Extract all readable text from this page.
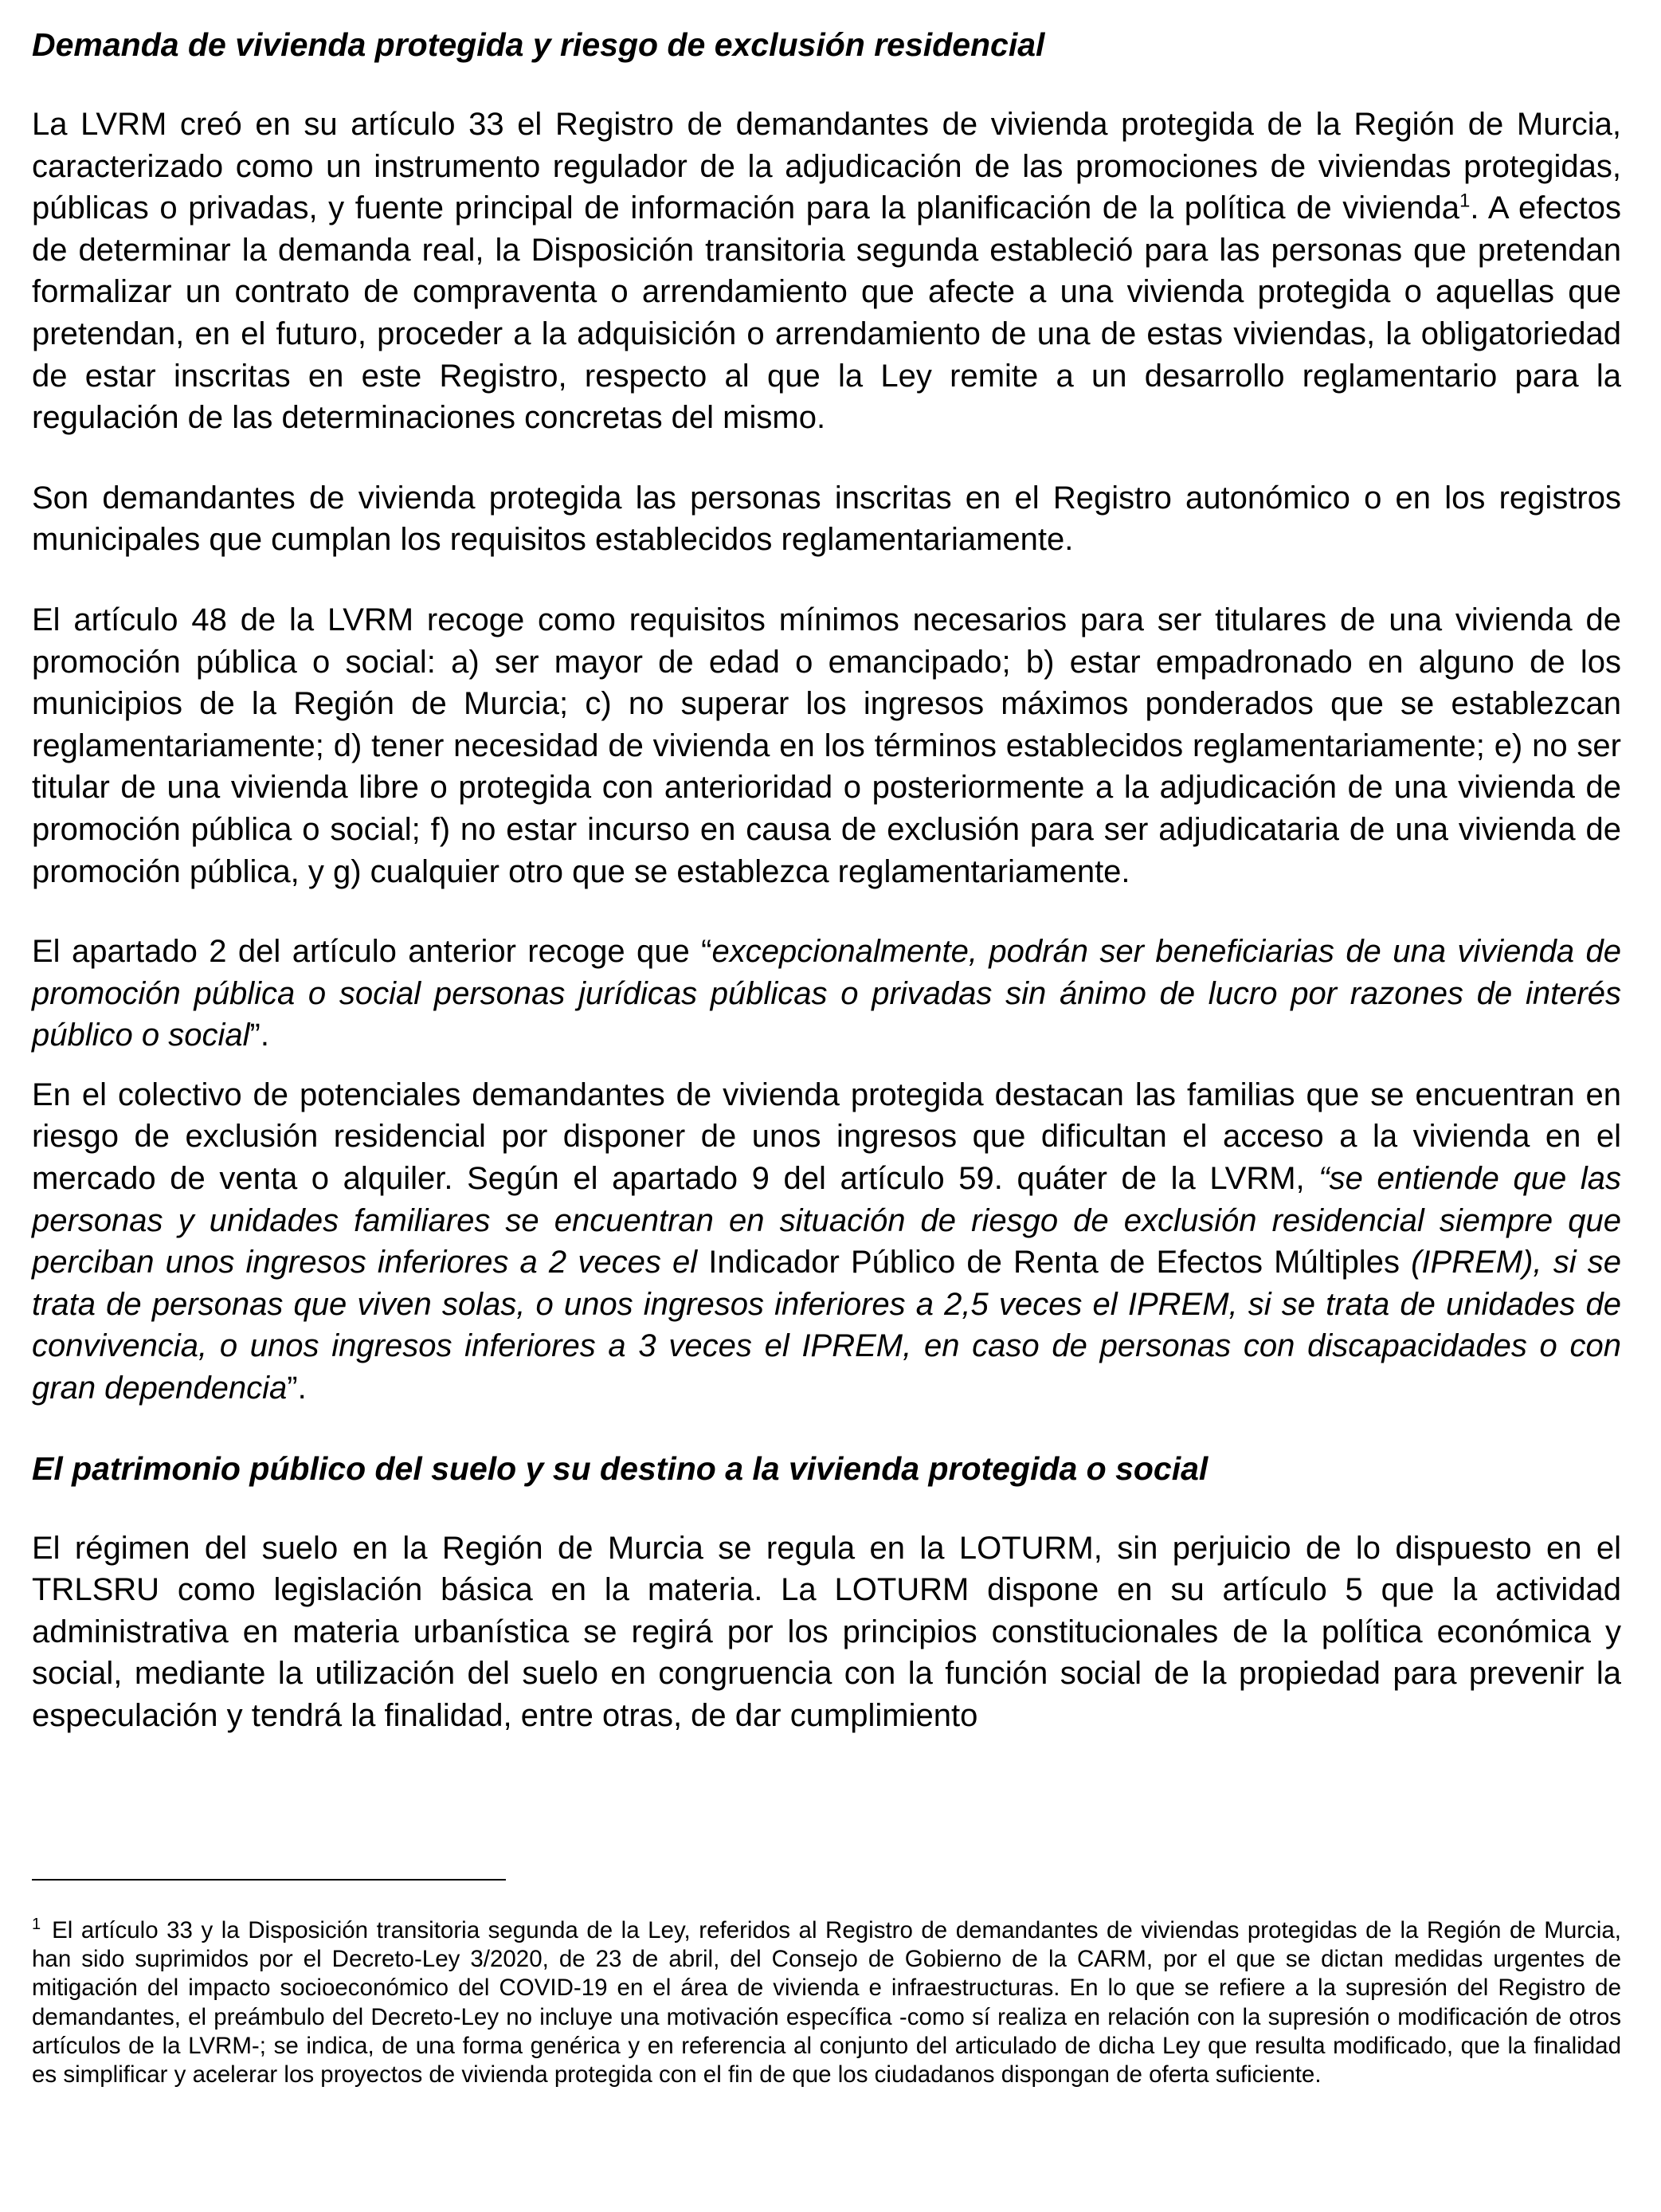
Demanda de vivienda protegida y riesgo de exclusión residencial

La LVRM creó en su artículo 33 el Registro de demandantes de vivienda protegida de la Región de Murcia, caracterizado como un instrumento regulador de la adjudicación de las promociones de viviendas protegidas, públicas o privadas, y fuente principal de información para la planificación de la política de vivienda$^1$. A efectos de determinar la demanda real, la Disposición transitoria segunda estableció para las personas que pretendan formalizar un contrato de compraventa o arrendamiento que afecte a una vivienda protegida o aquellas que pretendan, en el futuro, proceder a la adquisición o arrendamiento de una de estas viviendas, la obligatoriedad de estar inscritas en este Registro, respecto al que la Ley remite a un desarrollo reglamentario para la regulación de las determinaciones concretas del mismo.

Son demandantes de vivienda protegida las personas inscritas en el Registro autonómico o en los registros municipales que cumplan los requisitos establecidos reglamentariamente.

El artículo 48 de la LVRM recoge como requisitos mínimos necesarios para ser titulares de una vivienda de promoción pública o social: a) ser mayor de edad o emancipado; b) estar empadronado en alguno de los municipios de la Región de Murcia; c) no superar los ingresos máximos ponderados que se establezcan reglamentariamente; d) tener necesidad de vivienda en los términos establecidos reglamentariamente; e) no ser titular de una vivienda libre o protegida con anterioridad o posteriormente a la adjudicación de una vivienda de promoción pública o social; f) no estar incurso en causa de exclusión para ser adjudicataria de una vivienda de promoción pública, y g) cualquier otro que se establezca reglamentariamente.

El apartado 2 del artículo anterior recoge que “excepcionalmente, podrán ser beneficiarias de una vivienda de promoción pública o social personas jurídicas públicas o privadas sin ánimo de lucro por razones de interés público o social”.

En el colectivo de potenciales demandantes de vivienda protegida destacan las familias que se encuentran en riesgo de exclusión residencial por disponer de unos ingresos que dificultan el acceso a la vivienda en el mercado de venta o alquiler. Según el apartado 9 del artículo 59. quáter de la LVRM, “se entiende que las personas y unidades familiares se encuentran en situación de riesgo de exclusión residencial siempre que perciban unos ingresos inferiores a 2 veces el Indicador Público de Renta de Efectos Múltiples (IPREM), si se trata de personas que viven solas, o unos ingresos inferiores a 2,5 veces el IPREM, si se trata de unidades de convivencia, o unos ingresos inferiores a 3 veces el IPREM, en caso de personas con discapacidades o con gran dependencia”.

El patrimonio público del suelo y su destino a la vivienda protegida o social

El régimen del suelo en la Región de Murcia se regula en la LOTURM, sin perjuicio de lo dispuesto en el TRLSRU como legislación básica en la materia. La LOTURM dispone en su artículo 5 que la actividad administrativa en materia urbanística se regirá por los principios constitucionales de la política económica y social, mediante la utilización del suelo en congruencia con la función social de la propiedad para prevenir la especulación y tendrá la finalidad, entre otras, de dar cumplimiento

$^1$ El artículo 33 y la Disposición transitoria segunda de la Ley, referidos al Registro de demandantes de viviendas protegidas de la Región de Murcia, han sido suprimidos por el Decreto-Ley 3/2020, de 23 de abril, del Consejo de Gobierno de la CARM, por el que se dictan medidas urgentes de mitigación del impacto socioeconómico del COVID-19 en el área de vivienda e infraestructuras. En lo que se refiere a la supresión del Registro de demandantes, el preámbulo del Decreto-Ley no incluye una motivación específica -como sí realiza en relación con la supresión o modificación de otros artículos de la LVRM-; se indica, de una forma genérica y en referencia al conjunto del articulado de dicha Ley que resulta modificado, que la finalidad es simplificar y acelerar los proyectos de vivienda protegida con el fin de que los ciudadanos dispongan de oferta suficiente.
